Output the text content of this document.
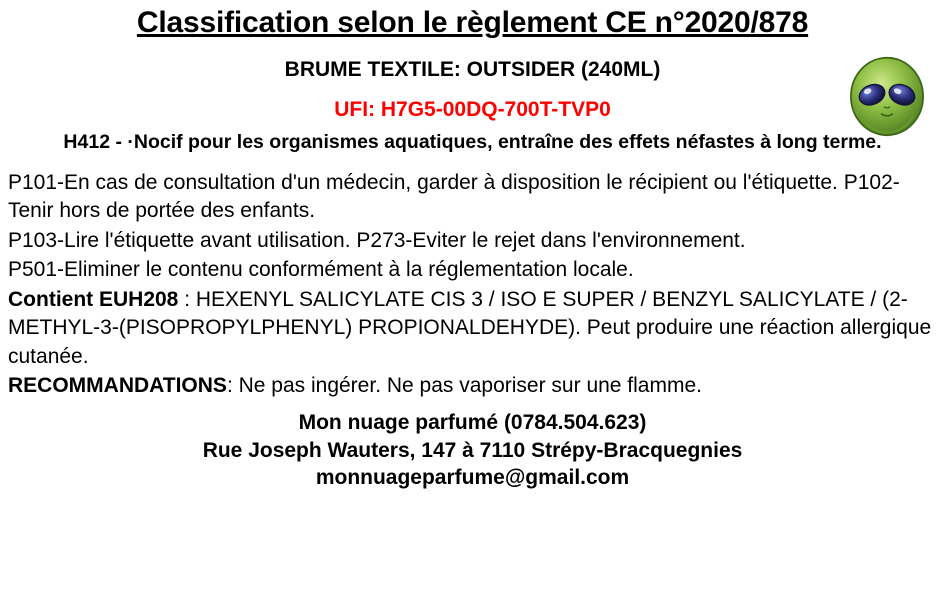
Classification selon le règlement CE n°2020/878
BRUME TEXTILE: OUTSIDER (240ML)
UFI: H7G5-00DQ-700T-TVP0
H412 - ·Nocif pour les organismes aquatiques, entraîne des effets néfastes à long terme.

P101-En cas de consultation d'un médecin, garder à disposition le récipient ou l'étiquette. P102-Tenir hors de portée des enfants.

P103-Lire l'étiquette avant utilisation. P273-Eviter le rejet dans l'environnement.

P501-Eliminer le contenu conformément à la réglementation locale.

Contient EUH208 : HEXENYL SALICYLATE CIS 3 / ISO E SUPER / BENZYL SALICYLATE / (2-METHYL-3-(PISOPROPYLPHENYL) PROPIONALDEHYDE). Peut produire une réaction allergique cutanée.

RECOMMANDATIONS: Ne pas ingérer. Ne pas vaporiser sur une flamme.

Mon nuage parfumé (0784.504.623)
Rue Joseph Wauters, 147 à 7110 Strépy-Bracquegnies
monnuageparfume@gmail.com
